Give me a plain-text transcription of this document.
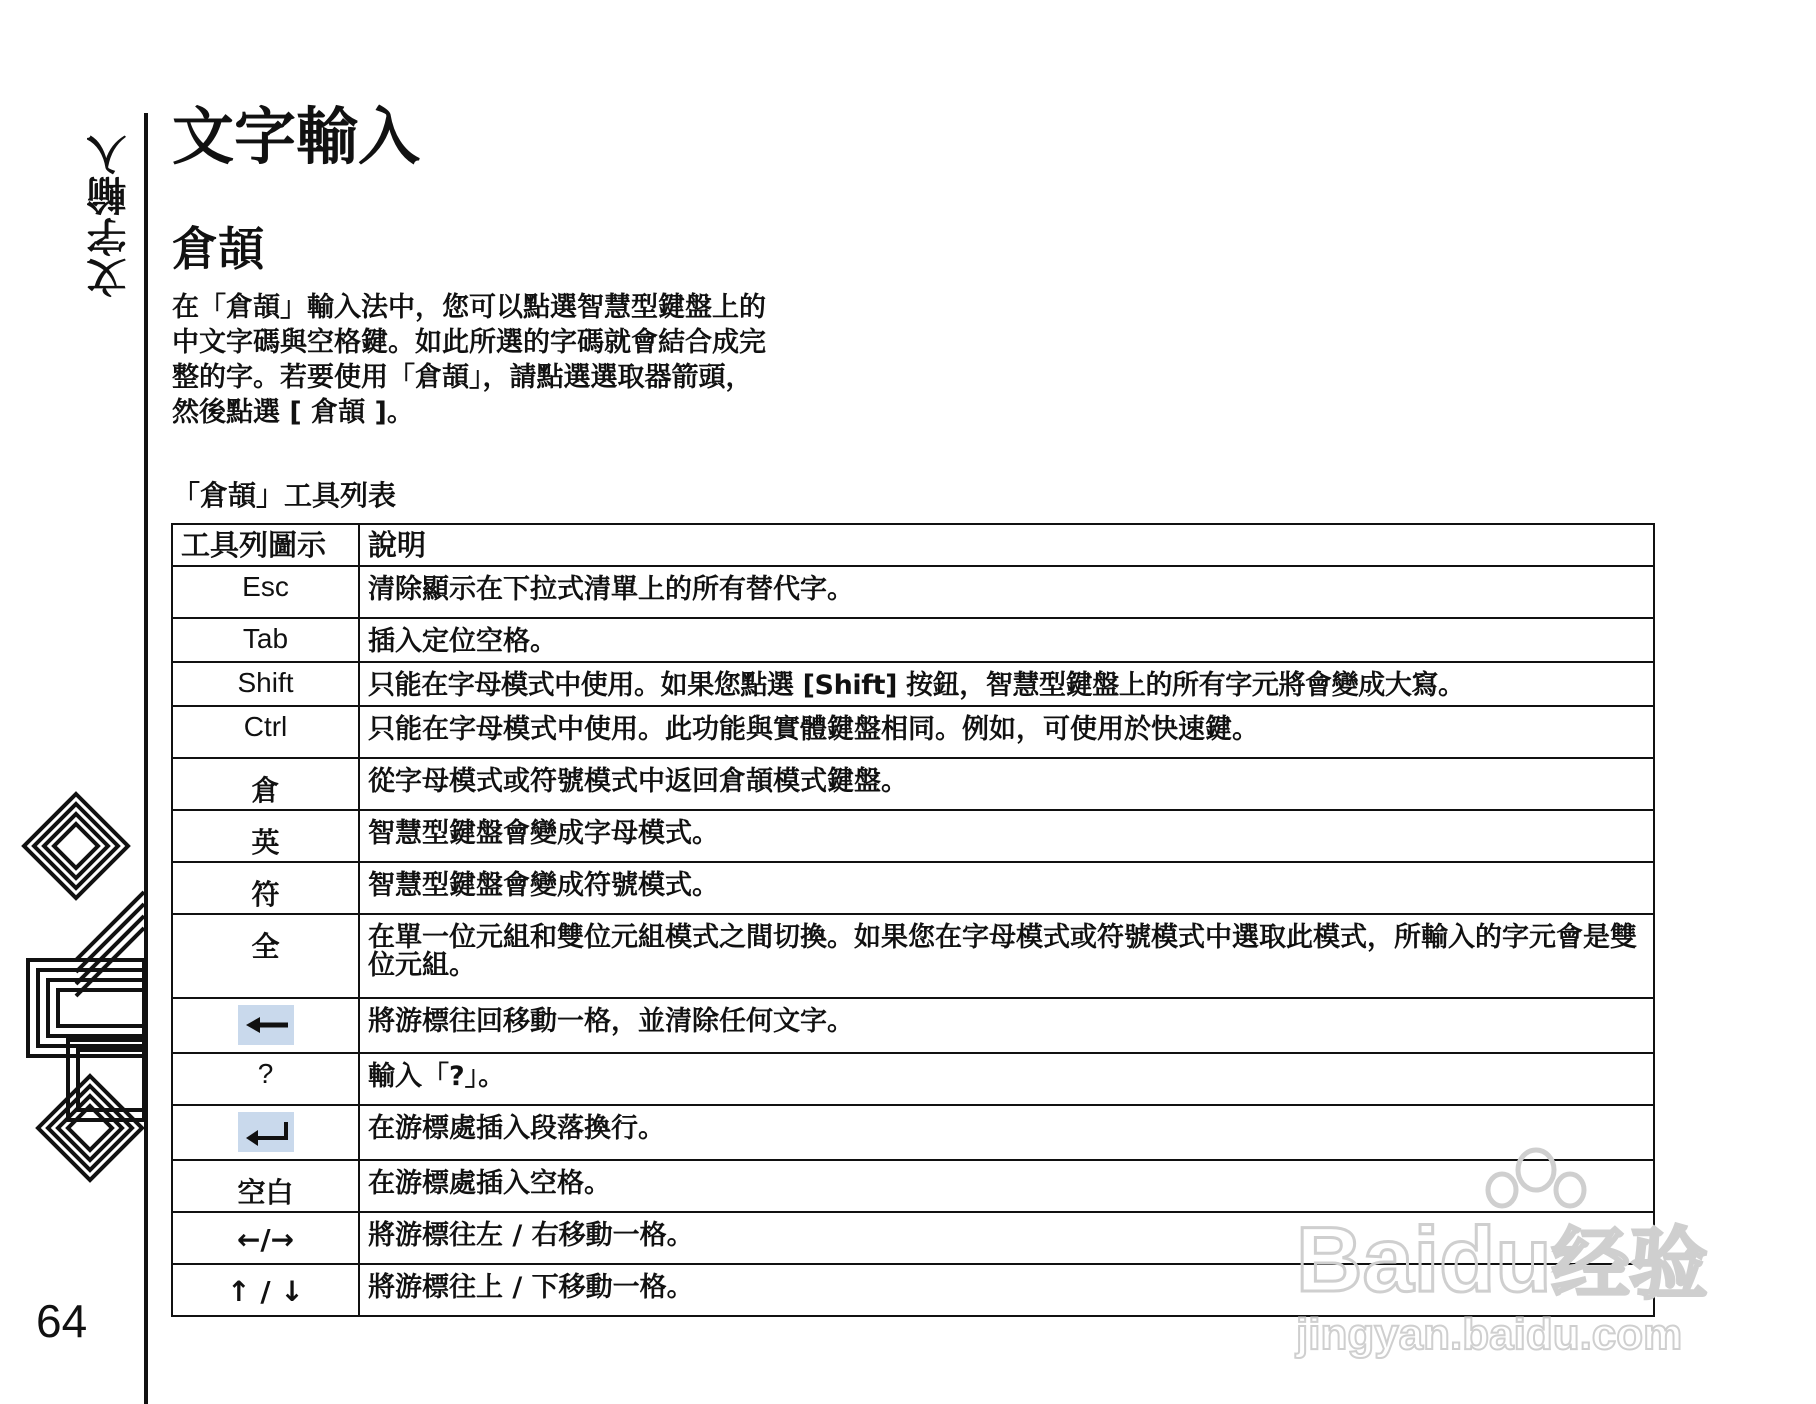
文字輸入
64
文字輸入
倉頡
在「倉頡」輸入法中，您可以點選智慧型鍵盤上的
中文字碼與空格鍵。如此所選的字碼就會結合成完
整的字。若要使用「倉頡」，請點選選取器箭頭，
然後點選 [ 倉頡 ]。
「倉頡」工具列表
工具列圖示	說明
Esc	清除顯示在下拉式清單上的所有替代字。
Tab	插入定位空格。
Shift	只能在字母模式中使用。如果您點選 [Shift] 按鈕，智慧型鍵盤上的所有字元將會變成大寫。
Ctrl	只能在字母模式中使用。此功能與實體鍵盤相同。例如，可使用於快速鍵。
倉	從字母模式或符號模式中返回倉頡模式鍵盤。
英	智慧型鍵盤會變成字母模式。
符	智慧型鍵盤會變成符號模式。
全	在單一位元組和雙位元組模式之間切換。如果您在字母模式或符號模式中選取此模式，所輸入的字元會是雙位元組。

	將游標往回移動一格，並清除任何文字。
?	輸入「?」。

	在游標處插入段落換行。
空白	在游標處插入空格。
←/→	將游標往左 / 右移動一格。
↑ / ↓	將游標往上 / 下移動一格。	Baidu经验
jingyan.baidu.com
